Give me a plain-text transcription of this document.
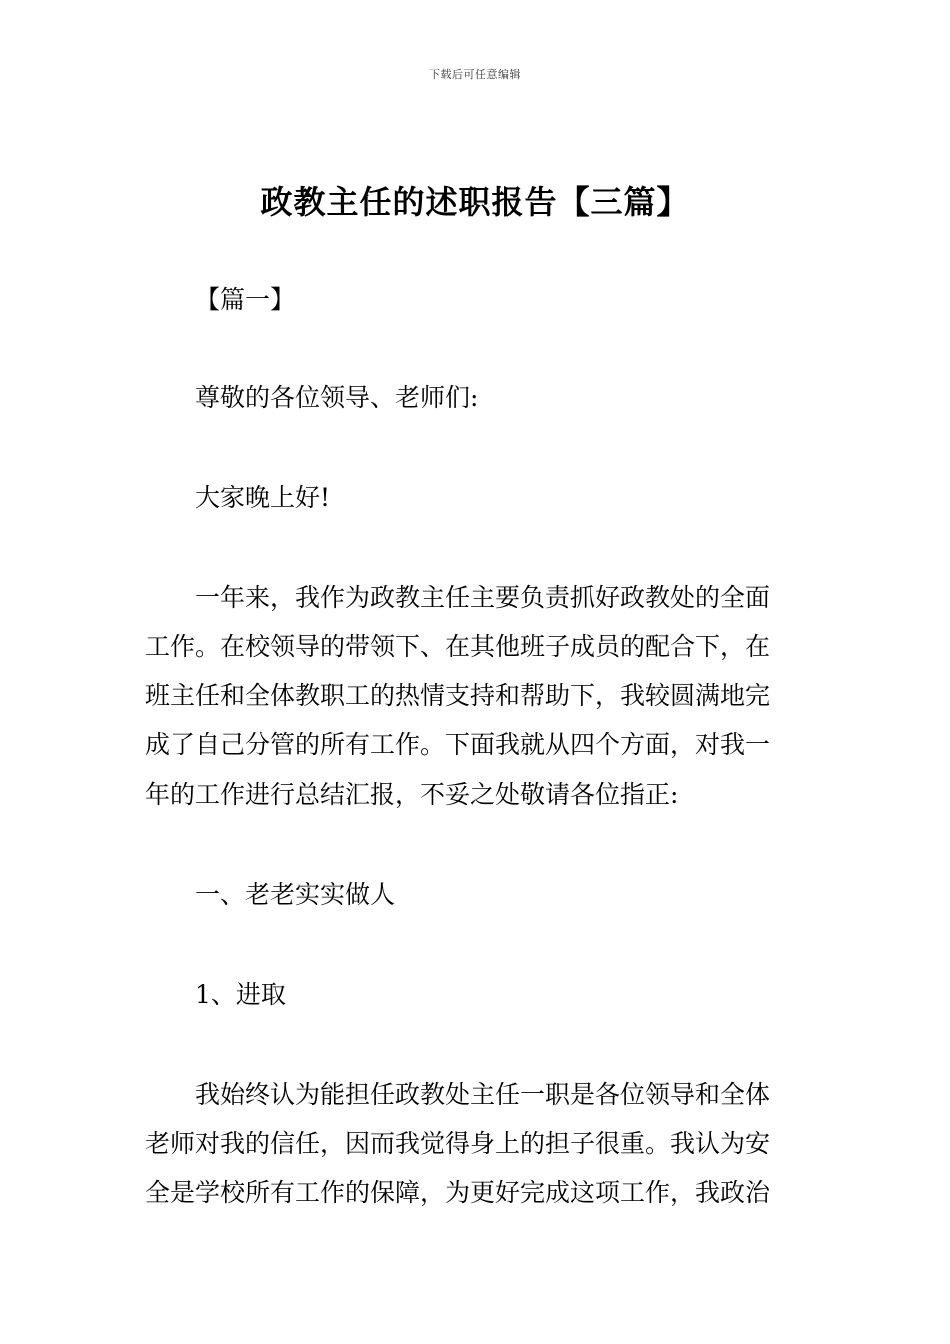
下载后可任意编辑
政教主任的述职报告【三篇】
【篇一】
尊敬的各位领导、老师们:
大家晚上好!
一年来，我作为政教主任主要负责抓好政教处的全面
工作。在校领导的带领下、在其他班子成员的配合下，在
班主任和全体教职工的热情支持和帮助下，我较圆满地完
成了自己分管的所有工作。下面我就从四个方面，对我一
年的工作进行总结汇报，不妥之处敬请各位指正:
一、老老实实做人
1、进取
我始终认为能担任政教处主任一职是各位领导和全体
老师对我的信任，因而我觉得身上的担子很重。我认为安
全是学校所有工作的保障，为更好完成这项工作，我政治
